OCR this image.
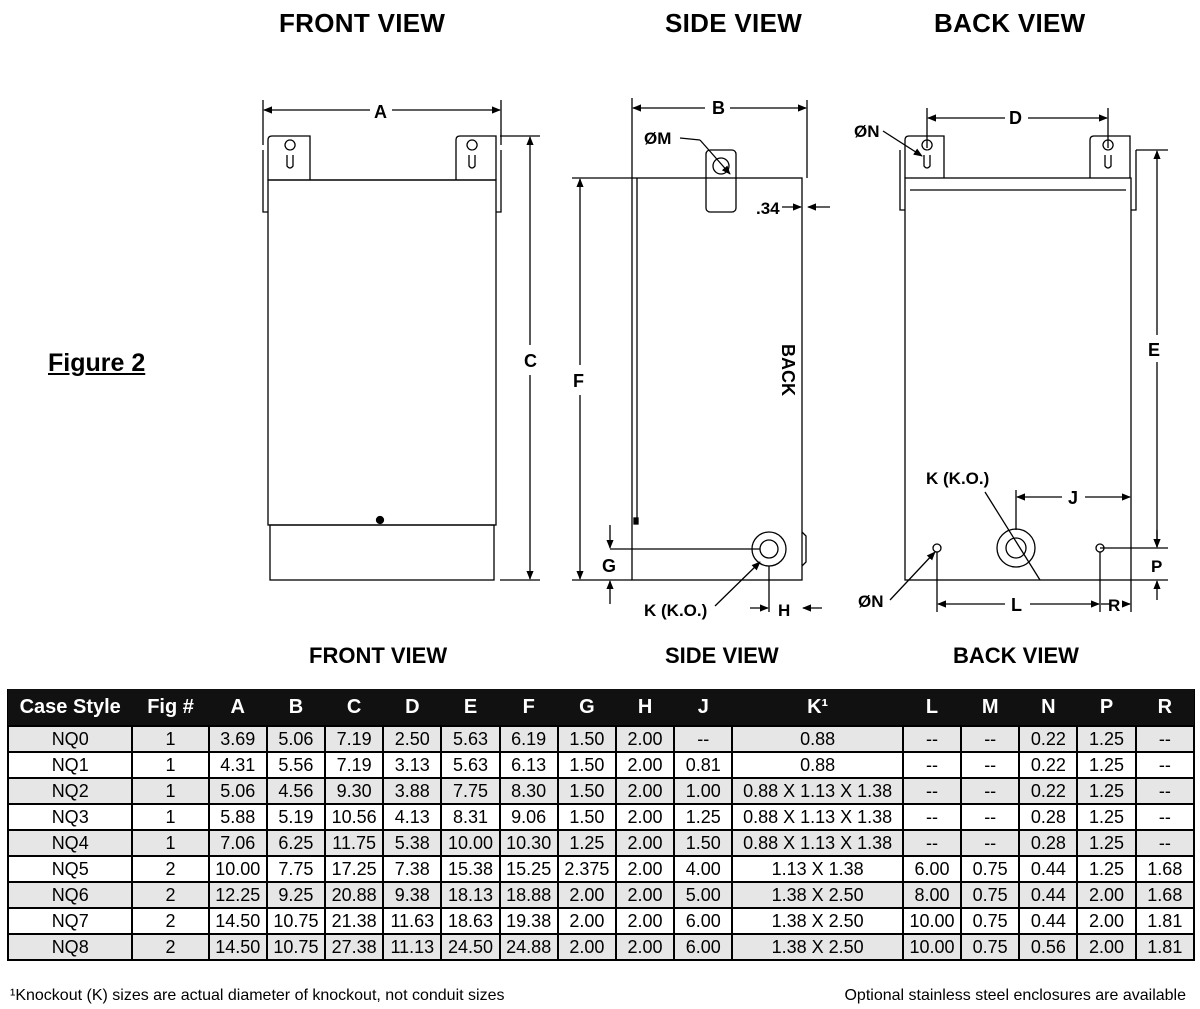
FRONT VIEW	SIDE VIEW	BACK VIEW
Figure 2
A
C
B
ØM
.34
F	BACK
G
K (K.O.)	H
D
ØN
E
K (K.O.)
J
P
ØN	L	R
FRONT VIEW	SIDE VIEW	BACK VIEW
Case Style	Fig #	A	B	C	D	E	F	G	H	J	K¹	L	M	N	P	R
NQ0	1	3.69	5.06	7.19	2.50	5.63	6.19	1.50	2.00	--	0.88	--	--	0.22	1.25	--
NQ1	1	4.31	5.56	7.19	3.13	5.63	6.13	1.50	2.00	0.81	0.88	--	--	0.22	1.25	--
NQ2	1	5.06	4.56	9.30	3.88	7.75	8.30	1.50	2.00	1.00	0.88 X 1.13 X 1.38	--	--	0.22	1.25	--
NQ3	1	5.88	5.19	10.56	4.13	8.31	9.06	1.50	2.00	1.25	0.88 X 1.13 X 1.38	--	--	0.28	1.25	--
NQ4	1	7.06	6.25	11.75	5.38	10.00	10.30	1.25	2.00	1.50	0.88 X 1.13 X 1.38	--	--	0.28	1.25	--
NQ5	2	10.00	7.75	17.25	7.38	15.38	15.25	2.375	2.00	4.00	1.13 X 1.38	6.00	0.75	0.44	1.25	1.68
NQ6	2	12.25	9.25	20.88	9.38	18.13	18.88	2.00	2.00	5.00	1.38 X 2.50	8.00	0.75	0.44	2.00	1.68
NQ7	2	14.50	10.75	21.38	11.63	18.63	19.38	2.00	2.00	6.00	1.38 X 2.50	10.00	0.75	0.44	2.00	1.81
NQ8	2	14.50	10.75	27.38	11.13	24.50	24.88	2.00	2.00	6.00	1.38 X 2.50	10.00	0.75	0.56	2.00	1.81
¹Knockout (K) sizes are actual diameter of knockout, not conduit sizes	Optional stainless steel enclosures are available
